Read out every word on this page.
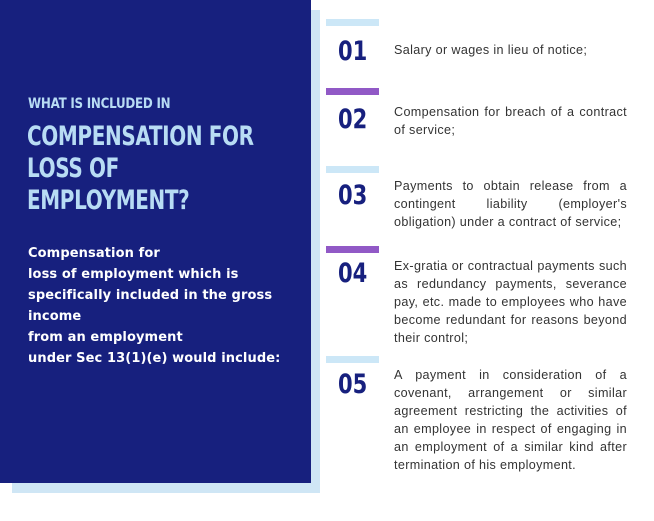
WHAT IS INCLUDED IN
COMPENSATION FOR
LOSS OF
EMPLOYMENT?
Compensation for
loss of employment which is
specifically included in the gross
income
from an employment
under Sec 13(1)(e) would include:
01 Salary or wages in lieu of notice;
02 Compensation for breach of a contract of service;
03 Payments to obtain release from a contingent liability (employer's obligation) under a contract of service;
04 Ex-gratia or contractual payments such as redundancy payments, severance pay, etc. made to employees who have become redundant for reasons beyond their control;
05 A payment in consideration of a covenant, arrangement or similar agreement restricting the activities of an employee in respect of engaging in an employment of a similar kind after termination of his employment.
